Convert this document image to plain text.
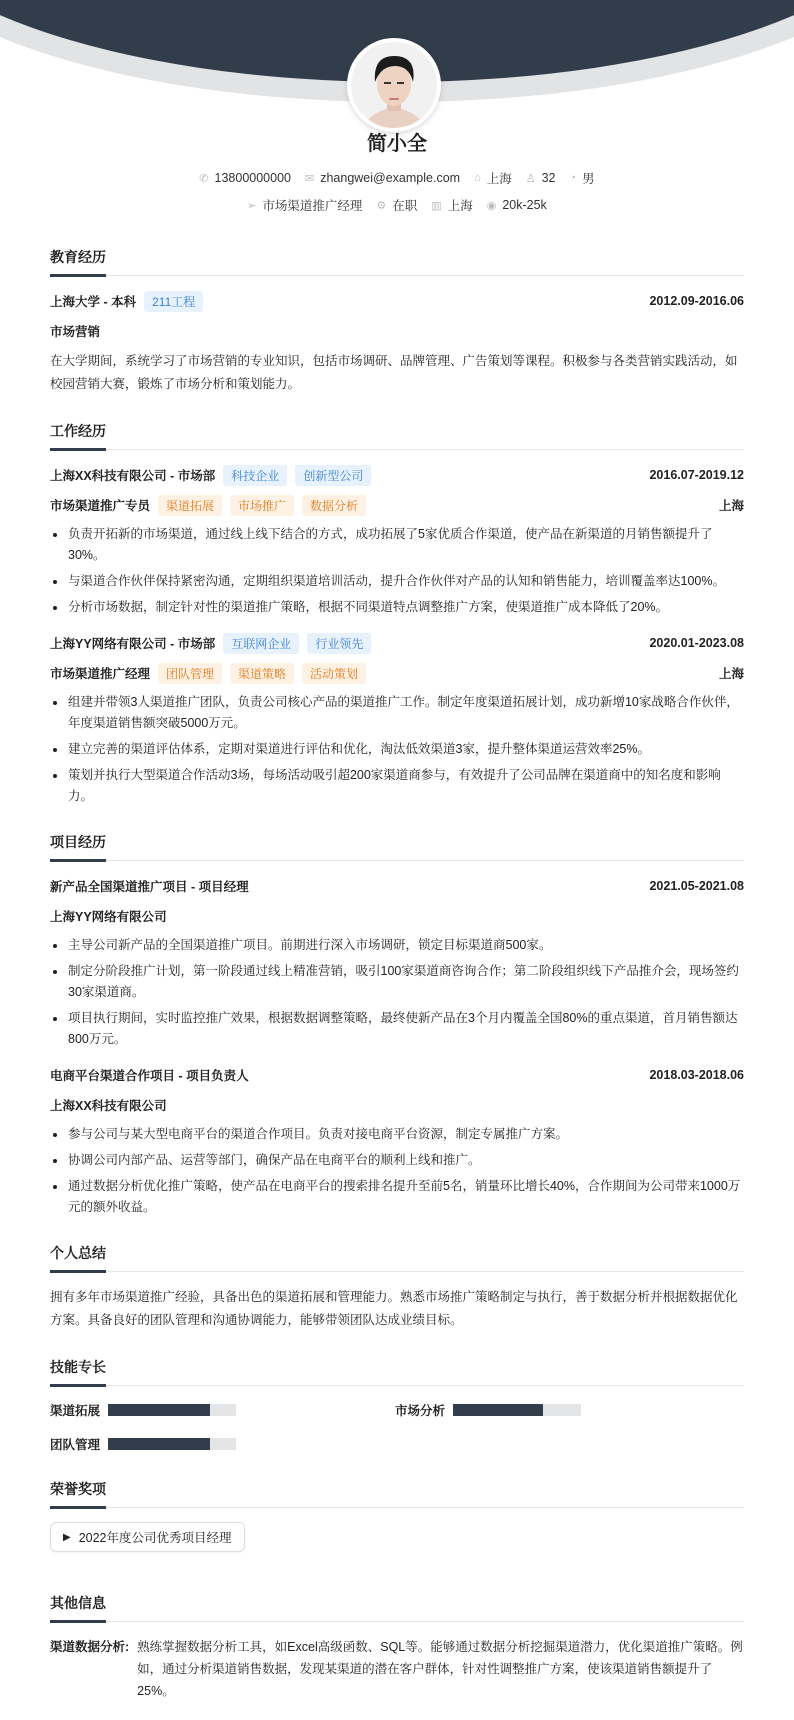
简小全
✆ 13800000000 ✉ zhangwei@example.com ⌂ 上海 ♙ 32 ◔ 男
➢ 市场渠道推广经理 ⚙ 在职 ▥ 上海 ◉ 20k-25k
教育经历
上海大学 - 本科	211工程	2012.09-2016.06
市场营销
在大学期间，系统学习了市场营销的专业知识，包括市场调研、品牌管理、广告策划等课程。积极参与各类营销实践活动，如校园营销大赛，锻炼了市场分析和策划能力。
工作经历
上海XX科技有限公司 - 市场部	科技企业	创新型公司	2016.07-2019.12
市场渠道推广专员	渠道拓展	市场推广	数据分析	上海
负责开拓新的市场渠道，通过线上线下结合的方式，成功拓展了5家优质合作渠道，使产品在新渠道的月销售额提升了30%。
与渠道合作伙伴保持紧密沟通，定期组织渠道培训活动，提升合作伙伴对产品的认知和销售能力，培训覆盖率达100%。
分析市场数据，制定针对性的渠道推广策略，根据不同渠道特点调整推广方案，使渠道推广成本降低了20%。
上海YY网络有限公司 - 市场部	互联网企业	行业领先	2020.01-2023.08
市场渠道推广经理	团队管理	渠道策略	活动策划	上海
组建并带领3人渠道推广团队，负责公司核心产品的渠道推广工作。制定年度渠道拓展计划，成功新增10家战略合作伙伴，年度渠道销售额突破5000万元。
建立完善的渠道评估体系，定期对渠道进行评估和优化，淘汰低效渠道3家，提升整体渠道运营效率25%。
策划并执行大型渠道合作活动3场，每场活动吸引超200家渠道商参与，有效提升了公司品牌在渠道商中的知名度和影响力。
项目经历
新产品全国渠道推广项目 - 项目经理	2021.05-2021.08
上海YY网络有限公司
主导公司新产品的全国渠道推广项目。前期进行深入市场调研，锁定目标渠道商500家。
制定分阶段推广计划，第一阶段通过线上精准营销，吸引100家渠道商咨询合作；第二阶段组织线下产品推介会，现场签约30家渠道商。
项目执行期间，实时监控推广效果，根据数据调整策略，最终使新产品在3个月内覆盖全国80%的重点渠道，首月销售额达800万元。
电商平台渠道合作项目 - 项目负责人	2018.03-2018.06
上海XX科技有限公司
参与公司与某大型电商平台的渠道合作项目。负责对接电商平台资源，制定专属推广方案。
协调公司内部产品、运营等部门，确保产品在电商平台的顺利上线和推广。
通过数据分析优化推广策略，使产品在电商平台的搜索排名提升至前5名，销量环比增长40%，合作期间为公司带来1000万元的额外收益。
个人总结
拥有多年市场渠道推广经验，具备出色的渠道拓展和管理能力。熟悉市场推广策略制定与执行，善于数据分析并根据数据优化方案。具备良好的团队管理和沟通协调能力，能够带领团队达成业绩目标。
技能专长
渠道拓展	市场分析
团队管理
荣誉奖项
▶ 2022年度公司优秀项目经理
其他信息
渠道数据分析: 熟练掌握数据分析工具，如Excel高级函数、SQL等。能够通过数据分析挖掘渠道潜力，优化渠道推广策略。例如，通过分析渠道销售数据，发现某渠道的潜在客户群体，针对性调整推广方案，使该渠道销售额提升了25%。
